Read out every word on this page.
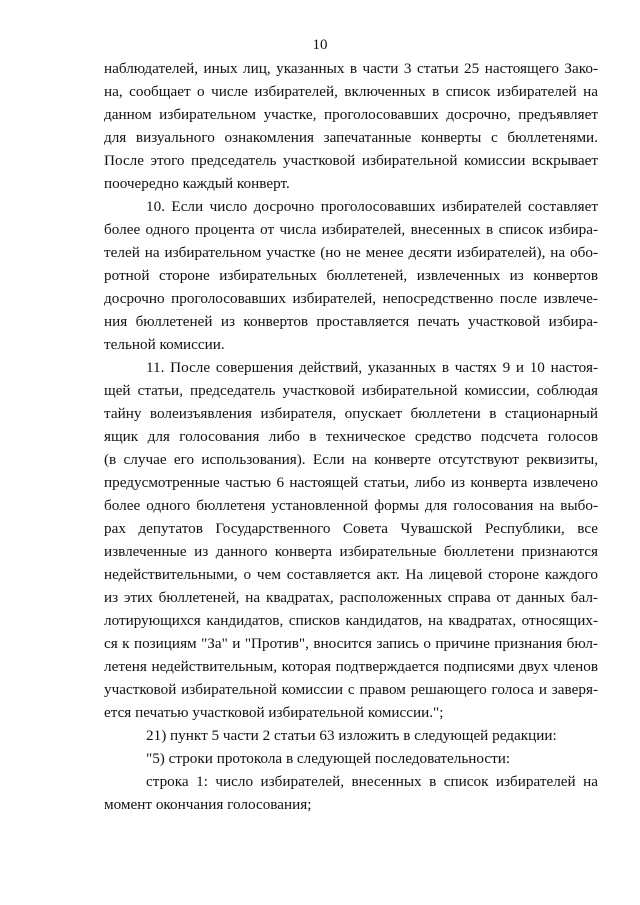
10
наблюдателей, иных лиц, указанных в части 3 статьи 25 настоящего Зако-
на, сообщает о числе избирателей, включенных в список избирателей на
данном избирательном участке, проголосовавших досрочно, предъявляет
для визуального ознакомления запечатанные конверты с бюллетенями.
После этого председатель участковой избирательной комиссии вскрывает
поочередно каждый конверт.
10. Если число досрочно проголосовавших избирателей составляет
более одного процента от числа избирателей, внесенных в список избира-
телей на избирательном участке (но не менее десяти избирателей), на обо-
ротной стороне избирательных бюллетеней, извлеченных из конвертов
досрочно проголосовавших избирателей, непосредственно после извлече-
ния бюллетеней из конвертов проставляется печать участковой избира-
тельной комиссии.
11. После совершения действий, указанных в частях 9 и 10 настоя-
щей статьи, председатель участковой избирательной комиссии, соблюдая
тайну волеизъявления избирателя, опускает бюллетени в стационарный
ящик для голосования либо в техническое средство подсчета голосов
(в случае его использования). Если на конверте отсутствуют реквизиты,
предусмотренные частью 6 настоящей статьи, либо из конверта извлечено
более одного бюллетеня установленной формы для голосования на выбо-
рах депутатов Государственного Совета Чувашской Республики, все
извлеченные из данного конверта избирательные бюллетени признаются
недействительными, о чем составляется акт. На лицевой стороне каждого
из этих бюллетеней, на квадратах, расположенных справа от данных бал-
лотирующихся кандидатов, списков кандидатов, на квадратах, относящих-
ся к позициям "За" и "Против", вносится запись о причине признания бюл-
летеня недействительным, которая подтверждается подписями двух членов
участковой избирательной комиссии с правом решающего голоса и заверя-
ется печатью участковой избирательной комиссии.";
21) пункт 5 части 2 статьи 63 изложить в следующей редакции:
"5) строки протокола в следующей последовательности:
строка 1: число избирателей, внесенных в список избирателей на
момент окончания голосования;
